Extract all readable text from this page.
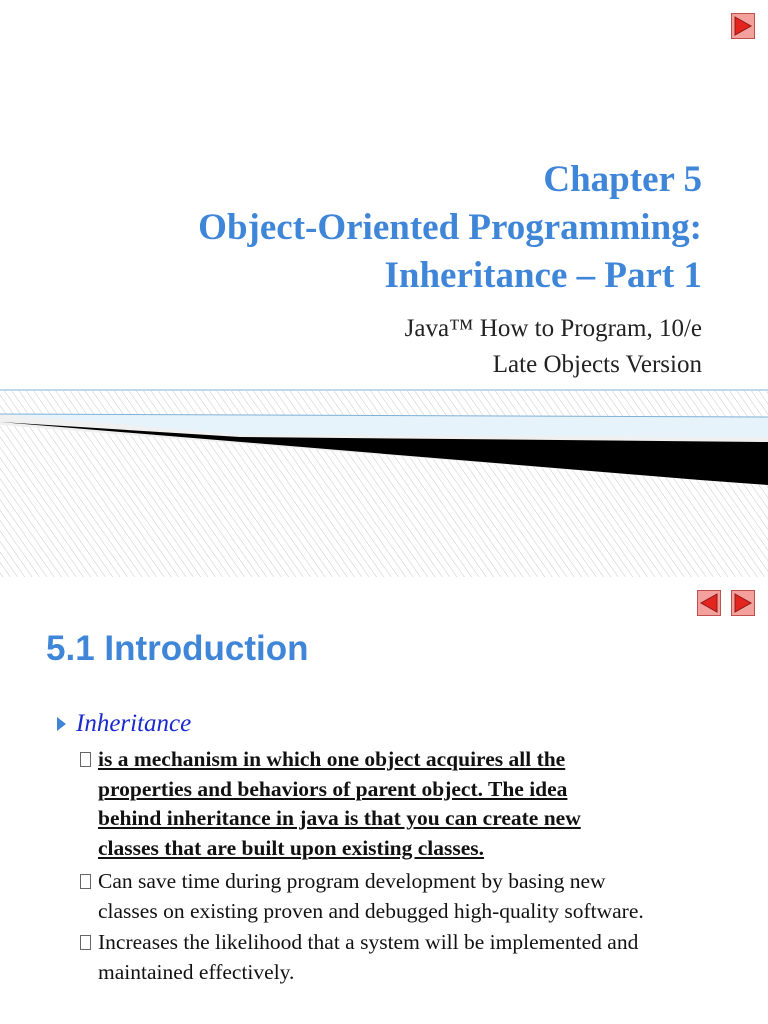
Chapter 5
Object-Oriented Programming:
Inheritance – Part 1
Java™ How to Program, 10/e
Late Objects Version
5.1 Introduction
Inheritance
is a mechanism in which one object acquires all the
properties and behaviors of parent object. The idea
behind inheritance in java is that you can create new
classes that are built upon existing classes.
Can save time during program development by basing new
classes on existing proven and debugged high-quality software.
Increases the likelihood that a system will be implemented and
maintained effectively.
